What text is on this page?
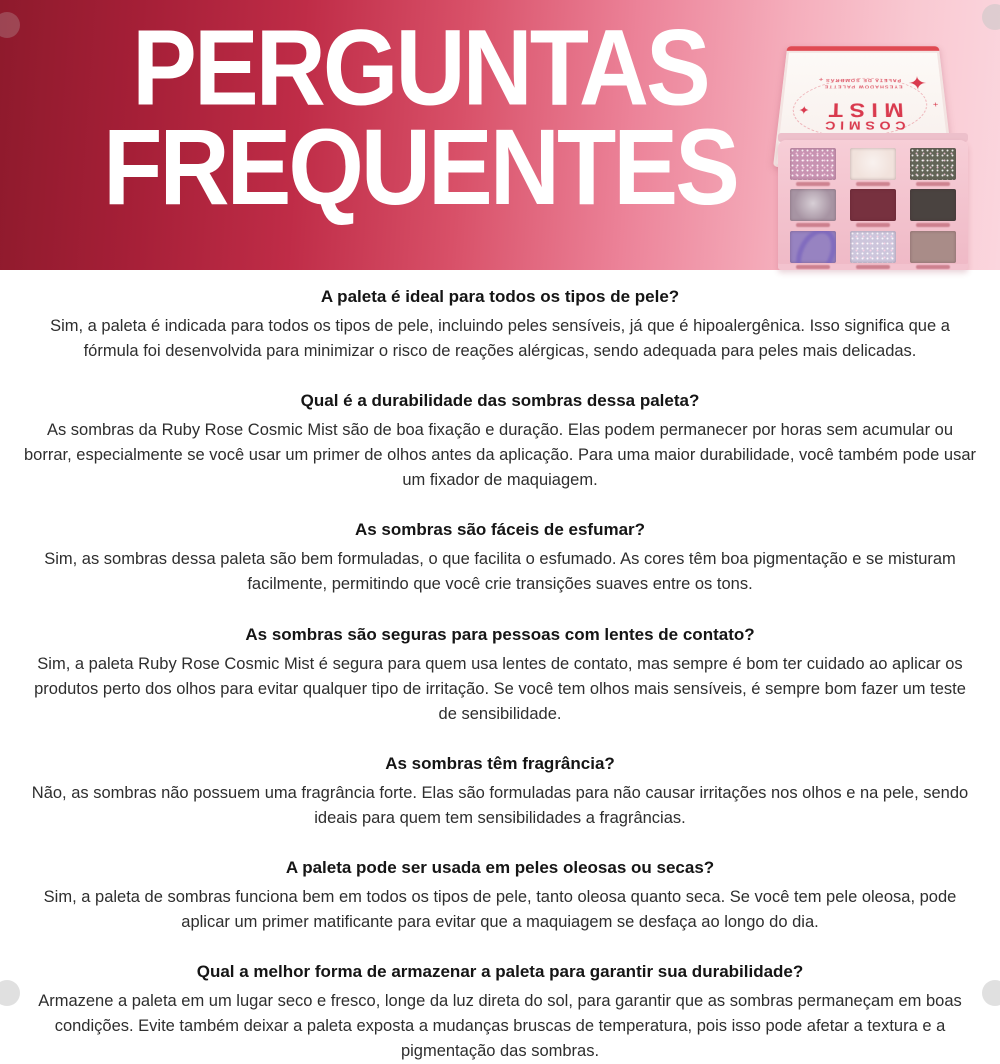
PERGUNTAS
FREQUENTES
✦
✦	+
+
COSMIC
MIST
EYESHADOW PALETTE
PALETA DE SOMBRAS

A paleta é ideal para todos os tipos de pele?

Sim, a paleta é indicada para todos os tipos de pele, incluindo peles sensíveis, já que é hipoalergênica. Isso significa que a fórmula foi desenvolvida para minimizar o risco de reações alérgicas, sendo adequada para peles mais delicadas.

Qual é a durabilidade das sombras dessa paleta?

As sombras da Ruby Rose Cosmic Mist são de boa fixação e duração. Elas podem permanecer por horas sem acumular ou borrar, especialmente se você usar um primer de olhos antes da aplicação. Para uma maior durabilidade, você também pode usar um fixador de maquiagem.

As sombras são fáceis de esfumar?

Sim, as sombras dessa paleta são bem formuladas, o que facilita o esfumado. As cores têm boa pigmentação e se misturam facilmente, permitindo que você crie transições suaves entre os tons.

As sombras são seguras para pessoas com lentes de contato?

Sim, a paleta Ruby Rose Cosmic Mist é segura para quem usa lentes de contato, mas sempre é bom ter cuidado ao aplicar os produtos perto dos olhos para evitar qualquer tipo de irritação. Se você tem olhos mais sensíveis, é sempre bom fazer um teste de sensibilidade.

As sombras têm fragrância?

Não, as sombras não possuem uma fragrância forte. Elas são formuladas para não causar irritações nos olhos e na pele, sendo ideais para quem tem sensibilidades a fragrâncias.

A paleta pode ser usada em peles oleosas ou secas?

Sim, a paleta de sombras funciona bem em todos os tipos de pele, tanto oleosa quanto seca. Se você tem pele oleosa, pode aplicar um primer matificante para evitar que a maquiagem se desfaça ao longo do dia.

Qual a melhor forma de armazenar a paleta para garantir sua durabilidade?

Armazene a paleta em um lugar seco e fresco, longe da luz direta do sol, para garantir que as sombras permaneçam em boas condições. Evite também deixar a paleta exposta a mudanças bruscas de temperatura, pois isso pode afetar a textura e a pigmentação das sombras.
